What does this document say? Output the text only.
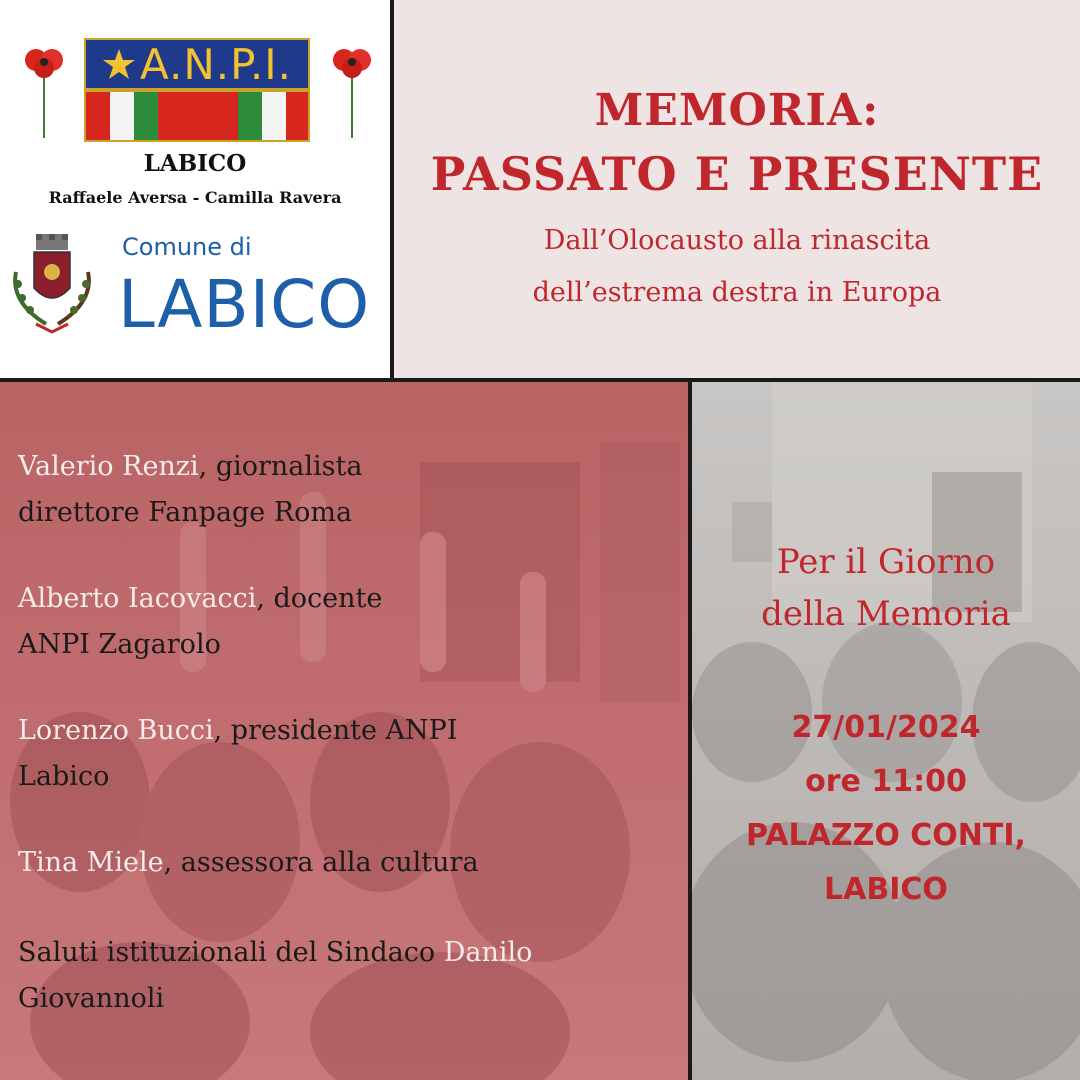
A.N.P.I.
LABICO
Raffaele Aversa - Camilla Ravera
Comune di
LABICO
MEMORIA:
PASSATO E PRESENTE
Dall’Olocausto alla rinascita
dell’estrema destra in Europa
Valerio Renzi, giornalista
direttore Fanpage Roma
Alberto Iacovacci, docente
ANPI Zagarolo
Lorenzo Bucci, presidente ANPI
Labico
Tina Miele, assessora alla cultura
Saluti istituzionali del Sindaco Danilo
Giovannoli
Per il Giorno
della Memoria
27/01/2024
ore 11:00
PALAZZO CONTI,
LABICO
